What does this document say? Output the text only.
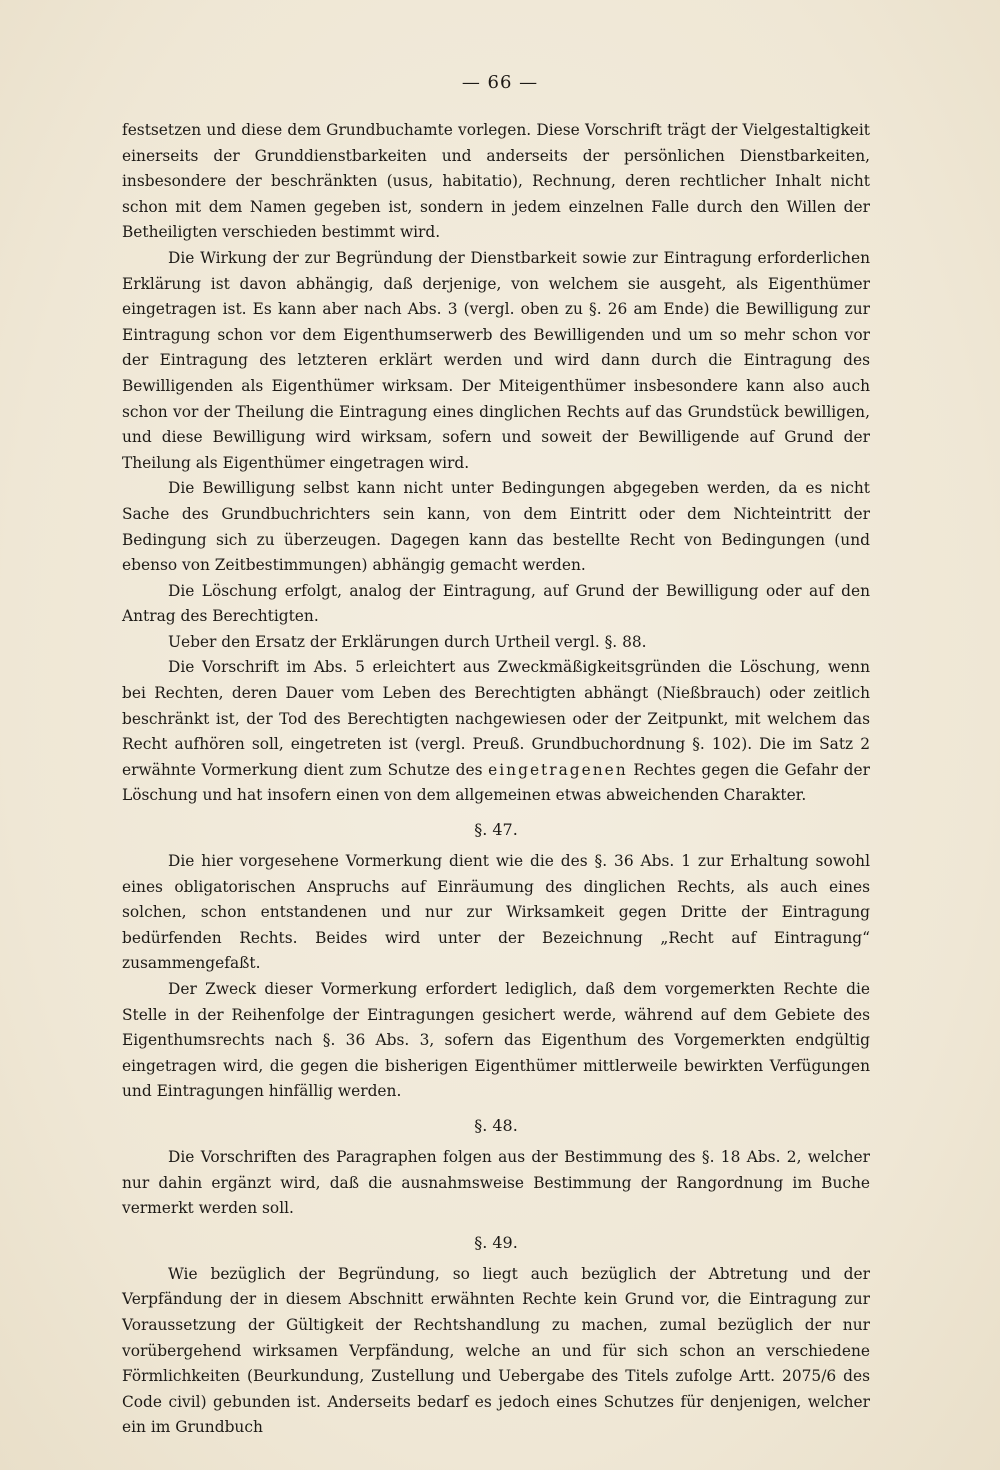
— 66 —

festsetzen und diese dem Grundbuchamte vorlegen. Diese Vorschrift trägt der Vielgestaltigkeit einerseits der Grunddienstbarkeiten und anderseits der persönlichen Dienstbarkeiten, insbesondere der beschränkten (usus, habitatio), Rechnung, deren rechtlicher Inhalt nicht schon mit dem Namen gegeben ist, sondern in jedem einzelnen Falle durch den Willen der Betheiligten verschieden bestimmt wird.

Die Wirkung der zur Begründung der Dienstbarkeit sowie zur Eintragung erforderlichen Erklärung ist davon abhängig, daß derjenige, von welchem sie ausgeht, als Eigenthümer eingetragen ist. Es kann aber nach Abs. 3 (vergl. oben zu §. 26 am Ende) die Bewilligung zur Eintragung schon vor dem Eigenthumserwerb des Bewilligenden und um so mehr schon vor der Eintragung des letzteren erklärt werden und wird dann durch die Eintragung des Bewilligenden als Eigenthümer wirksam. Der Miteigenthümer insbesondere kann also auch schon vor der Theilung die Eintragung eines dinglichen Rechts auf das Grundstück bewilligen, und diese Bewilligung wird wirksam, sofern und soweit der Bewilligende auf Grund der Theilung als Eigenthümer eingetragen wird.

Die Bewilligung selbst kann nicht unter Bedingungen abgegeben werden, da es nicht Sache des Grundbuchrichters sein kann, von dem Eintritt oder dem Nichteintritt der Bedingung sich zu überzeugen. Dagegen kann das bestellte Recht von Bedingungen (und ebenso von Zeitbestimmungen) abhängig gemacht werden.

Die Löschung erfolgt, analog der Eintragung, auf Grund der Bewilligung oder auf den Antrag des Berechtigten.

Ueber den Ersatz der Erklärungen durch Urtheil vergl. §. 88.

Die Vorschrift im Abs. 5 erleichtert aus Zweckmäßigkeitsgründen die Löschung, wenn bei Rechten, deren Dauer vom Leben des Berechtigten abhängt (Nießbrauch) oder zeitlich beschränkt ist, der Tod des Berechtigten nachgewiesen oder der Zeitpunkt, mit welchem das Recht aufhören soll, eingetreten ist (vergl. Preuß. Grundbuchordnung §. 102). Die im Satz 2 erwähnte Vormerkung dient zum Schutze des eingetragenen Rechtes gegen die Gefahr der Löschung und hat insofern einen von dem allgemeinen etwas abweichenden Charakter.

§. 47.

Die hier vorgesehene Vormerkung dient wie die des §. 36 Abs. 1 zur Erhaltung sowohl eines obligatorischen Anspruchs auf Einräumung des dinglichen Rechts, als auch eines solchen, schon entstandenen und nur zur Wirksamkeit gegen Dritte der Eintragung bedürfenden Rechts. Beides wird unter der Bezeichnung „Recht auf Eintragung“ zusammengefaßt.

Der Zweck dieser Vormerkung erfordert lediglich, daß dem vorgemerkten Rechte die Stelle in der Reihenfolge der Eintragungen gesichert werde, während auf dem Gebiete des Eigenthumsrechts nach §. 36 Abs. 3, sofern das Eigenthum des Vorgemerkten endgültig eingetragen wird, die gegen die bisherigen Eigenthümer mittlerweile bewirkten Verfügungen und Eintragungen hinfällig werden.

§. 48.

Die Vorschriften des Paragraphen folgen aus der Bestimmung des §. 18 Abs. 2, welcher nur dahin ergänzt wird, daß die ausnahmsweise Bestimmung der Rangordnung im Buche vermerkt werden soll.

§. 49.

Wie bezüglich der Begründung, so liegt auch bezüglich der Abtretung und der Verpfändung der in diesem Abschnitt erwähnten Rechte kein Grund vor, die Eintragung zur Voraussetzung der Gültigkeit der Rechtshandlung zu machen, zumal bezüglich der nur vorübergehend wirksamen Verpfändung, welche an und für sich schon an verschiedene Förmlichkeiten (Beurkundung, Zustellung und Uebergabe des Titels zufolge Artt. 2075/6 des Code civil) gebunden ist. Anderseits bedarf es jedoch eines Schutzes für denjenigen, welcher ein im Grundbuch
